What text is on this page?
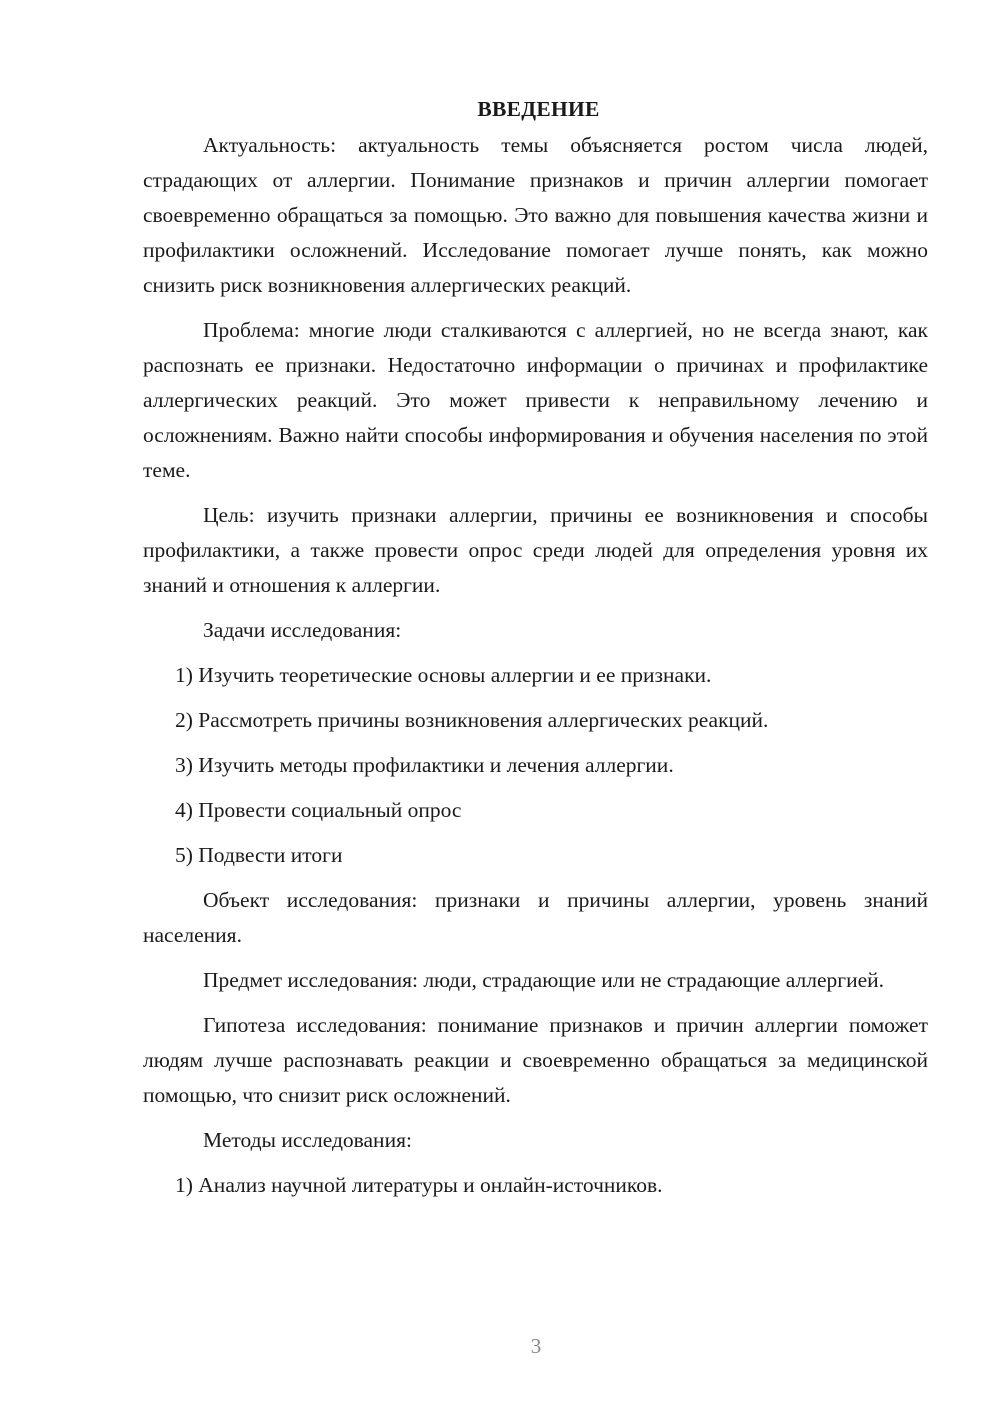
ВВЕДЕНИЕ

Актуальность: актуальность темы объясняется ростом числа людей, страдающих от аллергии. Понимание признаков и причин аллергии помогает своевременно обращаться за помощью. Это важно для повышения качества жизни и профилактики осложнений. Исследование помогает лучше понять, как можно снизить риск возникновения аллергических реакций.

Проблема: многие люди сталкиваются с аллергией, но не всегда знают, как распознать ее признаки. Недостаточно информации о причинах и профилактике аллергических реакций. Это может привести к неправильному лечению и осложнениям. Важно найти способы информирования и обучения населения по этой теме.

Цель: изучить признаки аллергии, причины ее возникновения и способы профилактики, а также провести опрос среди людей для определения уровня их знаний и отношения к аллергии.

Задачи исследования:

1) Изучить теоретические основы аллергии и ее признаки.

2) Рассмотреть причины возникновения аллергических реакций.

3) Изучить методы профилактики и лечения аллергии.

4) Провести социальный опрос

5) Подвести итоги

Объект исследования: признаки и причины аллергии, уровень знаний населения.

Предмет исследования: люди, страдающие или не страдающие аллергией.

Гипотеза исследования: понимание признаков и причин аллергии поможет людям лучше распознавать реакции и своевременно обращаться за медицинской помощью, что снизит риск осложнений.

Методы исследования:

1) Анализ научной литературы и онлайн-источников.

3
